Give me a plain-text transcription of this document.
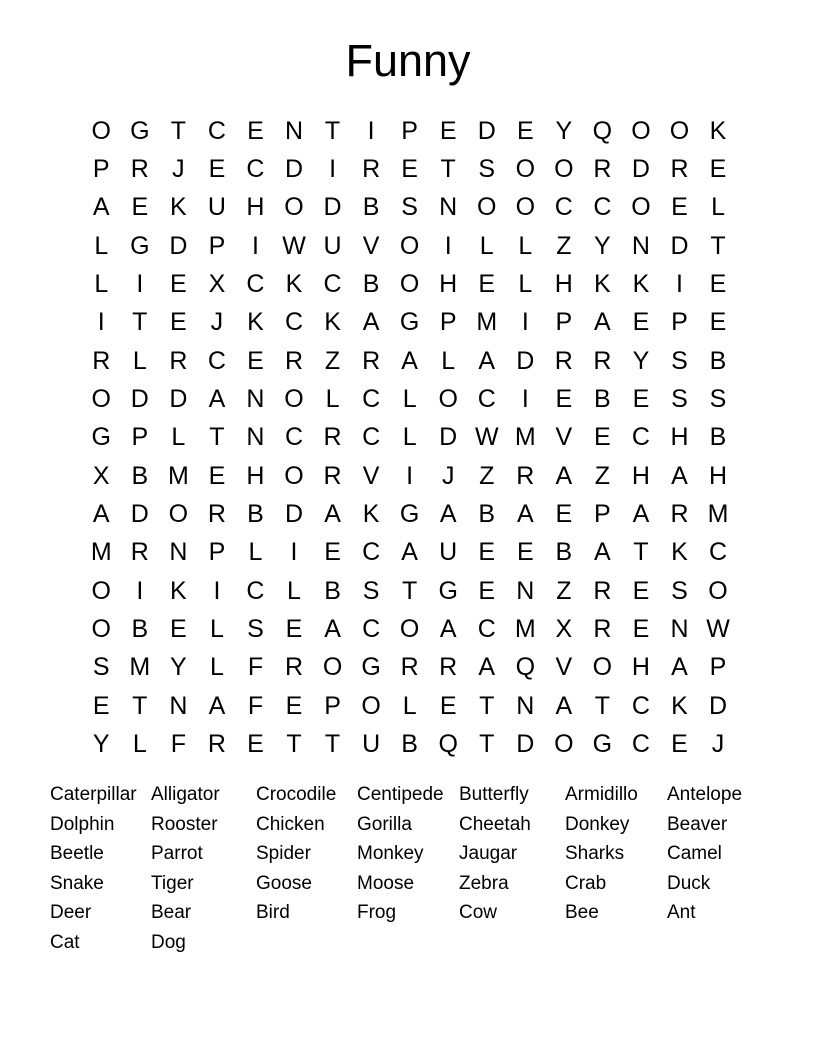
Funny
O G T C E N T	I	P E D E Y Q O O K
P R J E C D	I	R E T S O O R D R E
A E K U H O D B S N O O C C O E L
L G D P	I W U V O	I	L L Z Y N D T
L	I	E X C K C B O H E L H K K	I	E
I	T E J K C K A G P M I	P A E P E
R L R C E R Z R A L A D R R Y S B
O D D A N O L C L O C	I	E B E S S
G P L T N C R C L D W M V E C H B
X B M E H O R V	I	J Z R A Z H A H
A D O R B D A K G A B A E P A R M
M R N P L	I	E C A U E E B A T K C
O	I	K	I	C L B S T G E N Z R E S O
O B E L S E A C O A C M X R E N W
S M Y L F R O G R R A Q V O H A P
E T N A F E P O L E T N A T C K D
Y L F R E T T U B Q T D O G C E J
Caterpillar
Dolphin
Beetle
Snake
Deer
Cat
Alligator
Rooster
Parrot
Tiger
Bear
Dog
Crocodile
Chicken
Spider
Goose
Bird
Centipede
Gorilla
Monkey
Moose
Frog
Butterfly
Cheetah
Jaugar
Zebra
Cow
Armidillo
Donkey
Sharks
Crab
Bee
Antelope
Beaver
Camel
Duck
Ant
